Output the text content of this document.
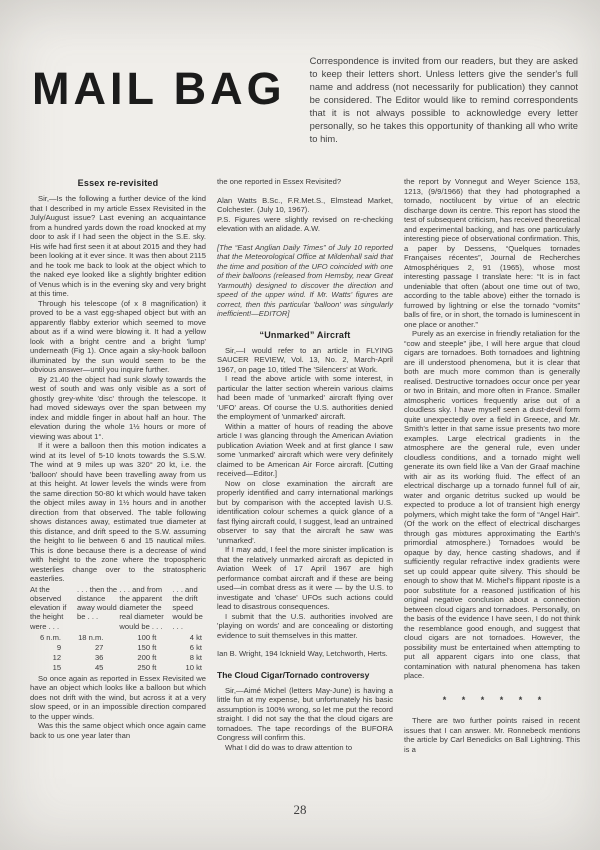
MAIL BAG

Correspondence is invited from our readers, but they are asked to keep their letters short. Unless letters give the sender's full name and address (not necessarily for publication) they cannot be considered. The Editor would like to remind correspondents that it is not always possible to acknowledge every letter personally, so he takes this opportunity of thanking all who write to him.

Essex re-revisited

Sir,—Is the following a further device of the kind that I described in my article Essex Revisited in the July/August issue? Last evening an acquaintance from a hundred yards down the road knocked at my door to ask if I had seen the object in the S.E. sky. His wife had first seen it at about 2015 and they had been looking at it ever since. It was then about 2115 and he took me back to look at the object which to the naked eye looked like a slightly brighter edition of Venus which is in the evening sky and very bright at this time.

Through his telescope (of x 8 magnification) it proved to be a vast egg-shaped object but with an apparently flabby exterior which seemed to move about as if a wind were blowing it. It had a yellow look with a bright centre and a bright 'lump' underneath (Fig 1). Once again a sky-hook balloon illuminated by the sun would seem to be the obvious answer—until you inquire further.

By 21.40 the object had sunk slowly towards the west of south and was only visible as a sort of ghostly grey-white 'disc' through the telescope. It had moved sideways over the span between my index and middle finger in about half an hour. The elevation during the whole 1½ hours or more of viewing was about 1°.

If it were a balloon then this motion indicates a wind at its level of 5-10 knots towards the S.S.W. The wind at 9 miles up was 320° 20 kt, i.e. the 'balloon' should have been travelling away from us at this height. At lower levels the winds were from the same direction 50-80 kt which would have taken the object miles away in 1½ hours and in another direction from that observed. The table following shows distances away, estimated true diameter at this distance, and drift speed to the S.W. assuming the height to lie between 6 and 15 nautical miles. This is done because there is a decrease of wind with height to the zone where the tropospheric westerlies change over to the stratospheric easterlies.

At the observed elevation if the height were . . .	. . . then the distance away would be . . .	. . . and from the apparent diameter the real diameter would be . . .	. . . and the drift speed would be . . .
6 n.m.	18 n.m.	100 ft	4 kt
9	27	150 ft	6 kt
12	36	200 ft	8 kt
15	45	250 ft	10 kt

So once again as reported in Essex Revisited we have an object which looks like a balloon but which does not drift with the wind, but across it at a very slow speed, or in an impossible direction compared to the upper winds.

Was this the same object which once again came back to us one year later than

the one reported in Essex Revisited?

Alan Watts B.Sc., F.R.Met.S., Elmstead Market, Colchester. (July 10, 1967).

P.S. Figures were slightly revised on re-checking elevation with an alidade. A.W.

[The “East Anglian Daily Times” of July 10 reported that the Meteorological Office at Mildenhall said that the time and position of the UFO coincided with one of their balloons (released from Hemsby, near Great Yarmouth) designed to discover the direction and speed of the upper wind. If Mr. Watts' figures are correct, then this particular 'balloon' was singularly inefficient!—EDITOR]

“Unmarked” Aircraft

Sir,—I would refer to an article in FLYING SAUCER REVIEW, Vol. 13, No. 2, March-April 1967, on page 10, titled The 'Silencers' at Work.

I read the above article with some interest, in particular the latter section wherein various claims had been made of 'unmarked' aircraft flying over 'UFO' areas. Of course the U.S. authorities denied the employment of 'unmarked' aircraft.

Within a matter of hours of reading the above article I was glancing through the American Aviation publication Aviation Week and at first glance I saw some 'unmarked' aircraft which were very definitely claimed to be American Air Force aircraft. [Cutting received—Editor.]

Now on close examination the aircraft are properly identified and carry international markings but by comparison with the accepted lavish U.S. identification colour schemes a quick glance of a fast flying aircraft could, I suggest, lead an untrained observer to say that the aircraft he saw was 'unmarked'.

If I may add, I feel the more sinister implication is that the relatively unmarked aircraft as depicted in Aviation Week of 17 April 1967 are high performance combat aircraft and if these are being used—in combat dress as it were — by the U.S. to investigate and 'chase' UFOs such actions could lead to disastrous consequences.

I submit that the U.S. authorities involved are 'playing on words' and are concealing or distorting evidence to suit themselves in this matter.

Ian B. Wright, 194 Icknield Way, Letchworth, Herts.

The Cloud Cigar/Tornado controversy

Sir,—Aimé Michel (letters May-June) is having a little fun at my expense, but unfortunately his basic assumption is 100% wrong, so let me put the record straight. I did not say the that the cloud cigars are tornadoes. The tape recordings of the BUFORA Congress will confirm this.

What I did do was to draw attention to

the report by Vonnegut and Weyer Science 153, 1213, (9/9/1966) that they had photographed a tornado, noctilucent by virtue of an electric discharge down its centre. This report has stood the test of subsequent criticism, has received theoretical and experimental backing, and has one particularly interesting piece of observational confirmation. This, a paper by Dessens, “Quelques tornades Françaises récentes”, Journal de Recherches Atmosphériques 2, 91 (1965), whose most interesting passage I translate here: “It is in fact undeniable that often (about one time out of two, according to the table above) either the tornado is furrowed by lightning or else the tornado “vomits” balls of fire, or in short, the tornado is luminescent in one place or another.”

Purely as an exercise in friendly retaliation for the “cow and steeple” jibe, I will here argue that cloud cigars are tornadoes. Both tornadoes and lightning are ill understood phenomena, but it is clear that both are much more common than is generally realised. Destructive tornadoes occur once per year or two in Britain, and more often in France. Smaller atmospheric vortices frequently arise out of a cloudless sky. I have myself seen a dust-devil form quite unexpectedly over a field in Greece, and Mr. Smith's letter in that same issue presents two more examples. Large electrical gradients in the atmosphere are the general rule, even under cloudless conditions, and a tornado might well generate its own field like a Van der Graaf machine with air as its working fluid. The effect of an electrical discharge up a tornado funnel full of air, water and organic detritus sucked up would be expected to produce a lot of transient high energy polymers, which might take the form of “Angel Hair”. (Of the work on the effect of electrical discharges through gas mixtures approximating the Earth's primordial atmosphere.) Tornadoes would be opaque by day, hence casting shadows, and if sufficiently regular refractive index gradients were set up could appear quite silvery. This should be enough to show that M. Michel's flippant riposte is a poor substitute for a reasoned justification of his original negative conclusion about a connection between cloud cigars and tornadoes. Personally, on the basis of the evidence I have seen, I do not think the resemblance good enough, and suggest that cloud cigars are not tornadoes. However, the possibility must be entertained when attempting to put all apparent cigars into one class, that contamination with natural phenomena has taken place.

* * * * * *

There are two further points raised in recent issues that I can answer. Mr. Ronnebeck mentions the article by Carl Benedicks on Ball Lightning. This is a

28
